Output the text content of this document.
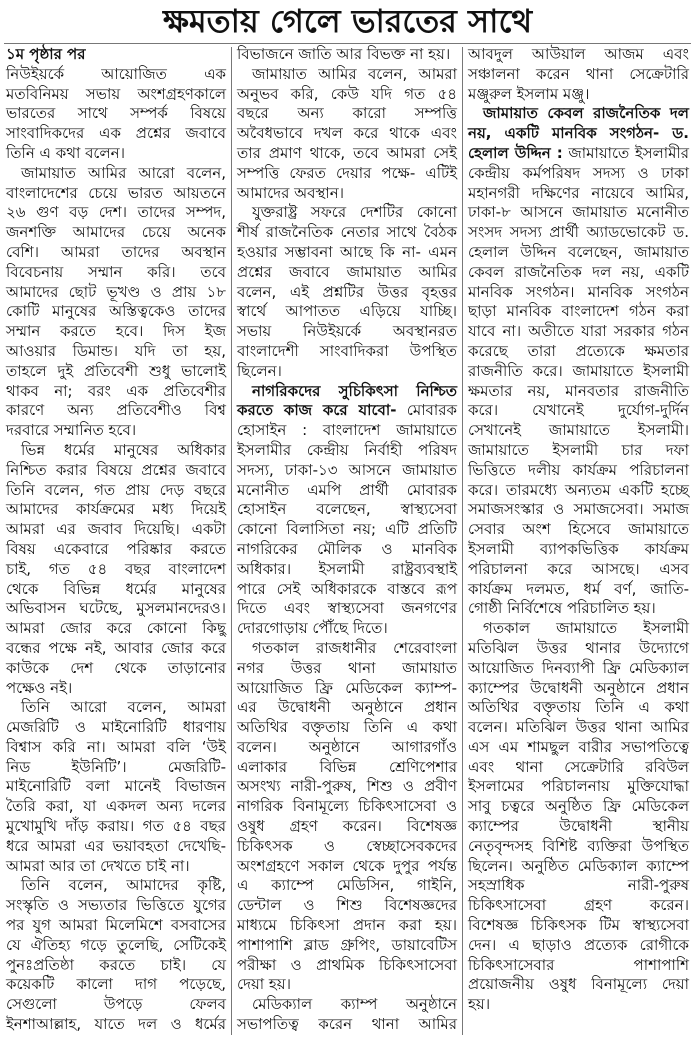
ক্ষমতায় গেলে ভারতের সাথে
১ম পৃষ্ঠার পর
নিউইয়র্কে আয়োজিত এক
মতবিনিময় সভায় অংশগ্রহণকালে
ভারতের সাথে সম্পর্ক বিষয়ে
সাংবাদিকদের এক প্রশ্নের জবাবে
তিনি এ কথা বলেন।
জামায়াত আমির আরো বলেন,
বাংলাদেশের চেয়ে ভারত আয়তনে
২৬ গুণ বড় দেশ। তাদের সম্পদ,
জনশক্তি আমাদের চেয়ে অনেক
বেশি। আমরা তাদের অবস্থান
বিবেচনায় সম্মান করি। তবে
আমাদের ছোট ভূখণ্ড ও প্রায় ১৮
কোটি মানুষের অস্তিত্বকেও তাদের
সম্মান করতে হবে। দিস ইজ
আওয়ার ডিমান্ড। যদি তা হয়,
তাহলে দুই প্রতিবেশী শুধু ভালোই
থাকব না; বরং এক প্রতিবেশীর
কারণে অন্য প্রতিবেশীও বিশ্ব
দরবারে সম্মানিত হবে।
ভিন্ন ধর্মের মানুষের অধিকার
নিশ্চিত করার বিষয়ে প্রশ্নের জবাবে
তিনি বলেন, গত প্রায় দেড় বছরে
আমাদের কার্যক্রমের মধ্য দিয়েই
আমরা এর জবাব দিয়েছি। একটা
বিষয় একেবারে পরিষ্কার করতে
চাই, গত ৫৪ বছর বাংলাদেশ
থেকে বিভিন্ন ধর্মের মানুষের
অভিবাসন ঘটেছে, মুসলমানদেরও।
আমরা জোর করে কোনো কিছু
বন্ধের পক্ষে নই, আবার জোর করে
কাউকে দেশ থেকে তাড়ানোর
পক্ষেও নই।
তিনি আরো বলেন, আমরা
মেজরিটি ও মাইনোরিটি ধারণায়
বিশ্বাস করি না। আমরা বলি ‘উই
নিড ইউনিটি’। মেজরিটি-
মাইনোরিটি বলা মানেই বিভাজন
তৈরি করা, যা একদল অন্য দলের
মুখোমুখি দাঁড় করায়। গত ৫৪ বছর
ধরে আমরা এর ভয়াবহতা দেখেছি-
আমরা আর তা দেখতে চাই না।
তিনি বলেন, আমাদের কৃষ্টি,
সংস্কৃতি ও সভ্যতার ভিত্তিতে যুগের
পর যুগ আমরা মিলেমিশে বসবাসের
যে ঐতিহ্য গড়ে তুলেছি, সেটিকেই
পুনঃপ্রতিষ্ঠা করতে চাই। যে
কয়েকটি কালো দাগ পড়েছে,
সেগুলো উপড়ে ফেলব
ইনশাআল্লাহ, যাতে দল ও ধর্মের
বিভাজনে জাতি আর বিভক্ত না হয়।
জামায়াত আমির বলেন, আমরা
অনুভব করি, কেউ যদি গত ৫৪
বছরে অন্য কারো সম্পত্তি
অবৈধভাবে দখল করে থাকে এবং
তার প্রমাণ থাকে, তবে আমরা সেই
সম্পত্তি ফেরত দেয়ার পক্ষে- এটিই
আমাদের অবস্থান।
যুক্তরাষ্ট্র সফরে দেশটির কোনো
শীর্ষ রাজনৈতিক নেতার সাথে বৈঠক
হওয়ার সম্ভাবনা আছে কি না- এমন
প্রশ্নের জবাবে জামায়াত আমির
বলেন, এই প্রশ্নটির উত্তর বৃহত্তর
স্বার্থে আপাতত এড়িয়ে যাচ্ছি।
সভায় নিউইয়র্কে অবস্থানরত
বাংলাদেশী সাংবাদিকরা উপস্থিত
ছিলেন।
নাগরিকদের সুচিকিৎসা নিশ্চিত
করতে কাজ করে যাবো- মোবারক
হোসাইন : বাংলাদেশ জামায়াতে
ইসলামীর কেন্দ্রীয় নির্বাহী পরিষদ
সদস্য, ঢাকা-১৩ আসনে জামায়াত
মনোনীত এমপি প্রার্থী মোবারক
হোসাইন বলেছেন, স্বাস্থ্যসেবা
কোনো বিলাসিতা নয়; এটি প্রতিটি
নাগরিকের মৌলিক ও মানবিক
অধিকার। ইসলামী রাষ্ট্রব্যবস্থাই
পারে সেই অধিকারকে বাস্তবে রূপ
দিতে এবং স্বাস্থ্যসেবা জনগণের
দোরগোড়ায় পৌঁছে দিতে।
গতকাল রাজধানীর শেরেবাংলা
নগর উত্তর থানা জামায়াত
আয়োজিত ফ্রি মেডিকেল ক্যাম্প-
এর উদ্বোধনী অনুষ্ঠানে প্রধান
অতিথির বক্তৃতায় তিনি এ কথা
বলেন। অনুষ্ঠানে আগারগাঁও
এলাকার বিভিন্ন শ্রেণিপেশার
অসংখ্য নারী-পুরুষ, শিশু ও প্রবীণ
নাগরিক বিনামূল্যে চিকিৎসাসেবা ও
ওষুধ গ্রহণ করেন। বিশেষজ্ঞ
চিকিৎসক ও স্বেচ্ছাসেবকদের
অংশগ্রহণে সকাল থেকে দুপুর পর্যন্ত
এ ক্যাম্পে মেডিসিন, গাইনি,
ডেন্টাল ও শিশু বিশেষজ্ঞদের
মাধ্যমে চিকিৎসা প্রদান করা হয়।
পাশাপাশি ব্লাড গ্রুপিং, ডায়াবেটিস
পরীক্ষা ও প্রাথমিক চিকিৎসাসেবা
দেয়া হয়।
মেডিক্যাল ক্যাম্প অনুষ্ঠানে
সভাপতিত্ব করেন থানা আমির
আবদুল আউয়াল আজম এবং
সঞ্চালনা করেন থানা সেক্রেটারি
মঞ্জুরুল ইসলাম মঞ্জু।
জামায়াত কেবল রাজনৈতিক দল
নয়, একটি মানবিক সংগঠন- ড.
হেলাল উদ্দিন : জামায়াতে ইসলামীর
কেন্দ্রীয় কর্মপরিষদ সদস্য ও ঢাকা
মহানগরী দক্ষিণের নায়েবে আমির,
ঢাকা-৮ আসনে জামায়াত মনোনীত
সংসদ সদস্য প্রার্থী অ্যাডভোকেট ড.
হেলাল উদ্দিন বলেছেন, জামায়াত
কেবল রাজনৈতিক দল নয়, একটি
মানবিক সংগঠন। মানবিক সংগঠন
ছাড়া মানবিক বাংলাদেশ গঠন করা
যাবে না। অতীতে যারা সরকার গঠন
করেছে তারা প্রত্যেকে ক্ষমতার
রাজনীতি করে। জামায়াতে ইসলামী
ক্ষমতার নয়, মানবতার রাজনীতি
করে। যেখানেই দুর্যোগ-দুর্দিন
সেখানেই জামায়াতে ইসলামী।
জামায়াতে ইসলামী চার দফা
ভিত্তিতে দলীয় কার্যক্রম পরিচালনা
করে। তারমধ্যে অন্যতম একটি হচ্ছে
সমাজসংস্কার ও সমাজসেবা। সমাজ
সেবার অংশ হিসেবে জামায়াতে
ইসলামী ব্যাপকভিত্তিক কার্যক্রম
পরিচালনা করে আসছে। এসব
কার্যক্রম দলমত, ধর্ম বর্ণ, জাতি-
গোষ্ঠী নির্বিশেষে পরিচালিত হয়।
গতকাল জামায়াতে ইসলামী
মতিঝিল উত্তর থানার উদ্যোগে
আয়োজিত দিনব্যাপী ফ্রি মেডিক্যাল
ক্যাম্পের উদ্বোধনী অনুষ্ঠানে প্রধান
অতিথির বক্তৃতায় তিনি এ কথা
বলেন। মতিঝিল উত্তর থানা আমির
এস এম শামছুল বারীর সভাপতিত্বে
এবং থানা সেক্রেটারি রবিউল
ইসলামের পরিচালনায় মুক্তিযোদ্ধা
সাবু চত্বরে অনুষ্ঠিত ফ্রি মেডিকেল
ক্যাম্পের উদ্বোধনী স্থানীয়
নেতৃবৃন্দসহ বিশিষ্ট ব্যক্তিরা উপস্থিত
ছিলেন। অনুষ্ঠিত মেডিক্যাল ক্যাম্পে
সহস্রাধিক নারী-পুরুষ
চিকিৎসাসেবা গ্রহণ করেন।
বিশেষজ্ঞ চিকিৎসক টিম স্বাস্থ্যসেবা
দেন। এ ছাড়াও প্রত্যেক রোগীকে
চিকিৎসাসেবার পাশাপাশি
প্রয়োজনীয় ওষুধ বিনামূল্যে দেয়া
হয়।
